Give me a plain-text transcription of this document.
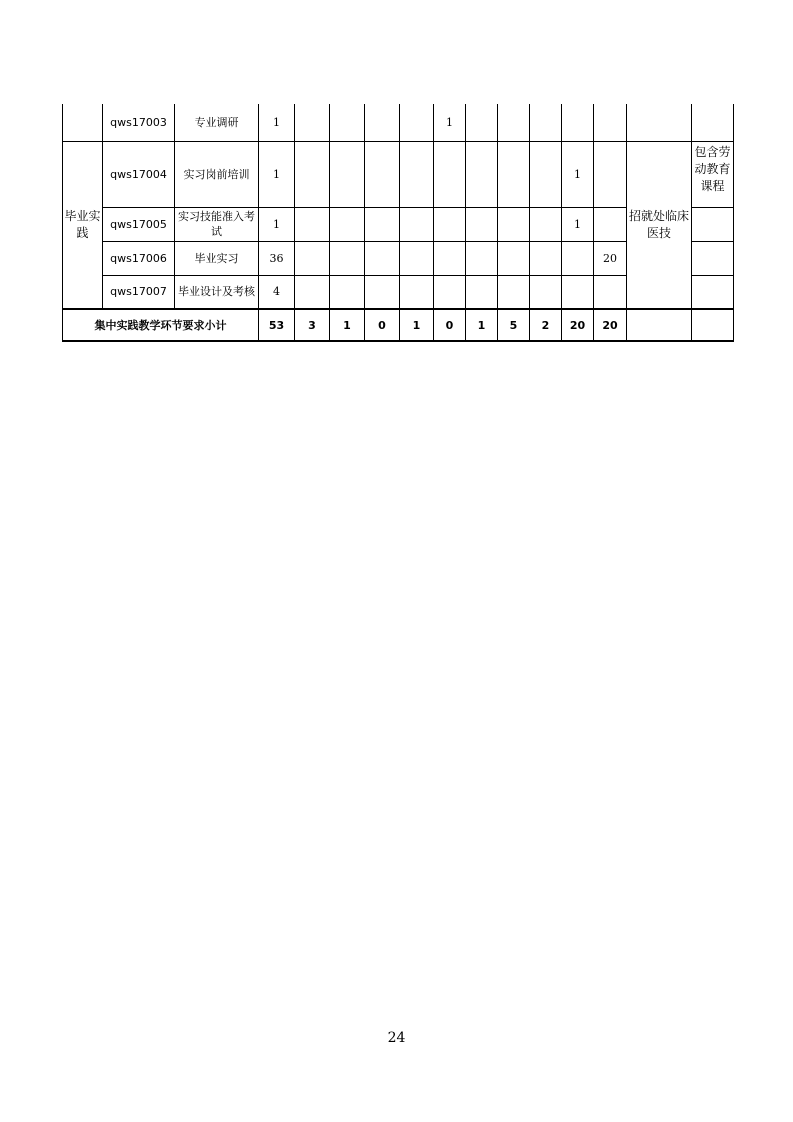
	qws17003	专业调研	1					1							
毕业实践	qws17004	实习岗前培训	1									1		招就处临床医技	包含劳动教育课程
	qws17005	实习技能准入考试	1									1			
	qws17006	毕业实习	36										20		
	qws17007	毕业设计及考核	4												
集中实践教学环节要求小计			53	3	1	0	1	0	1	5	2	20	20		
24
